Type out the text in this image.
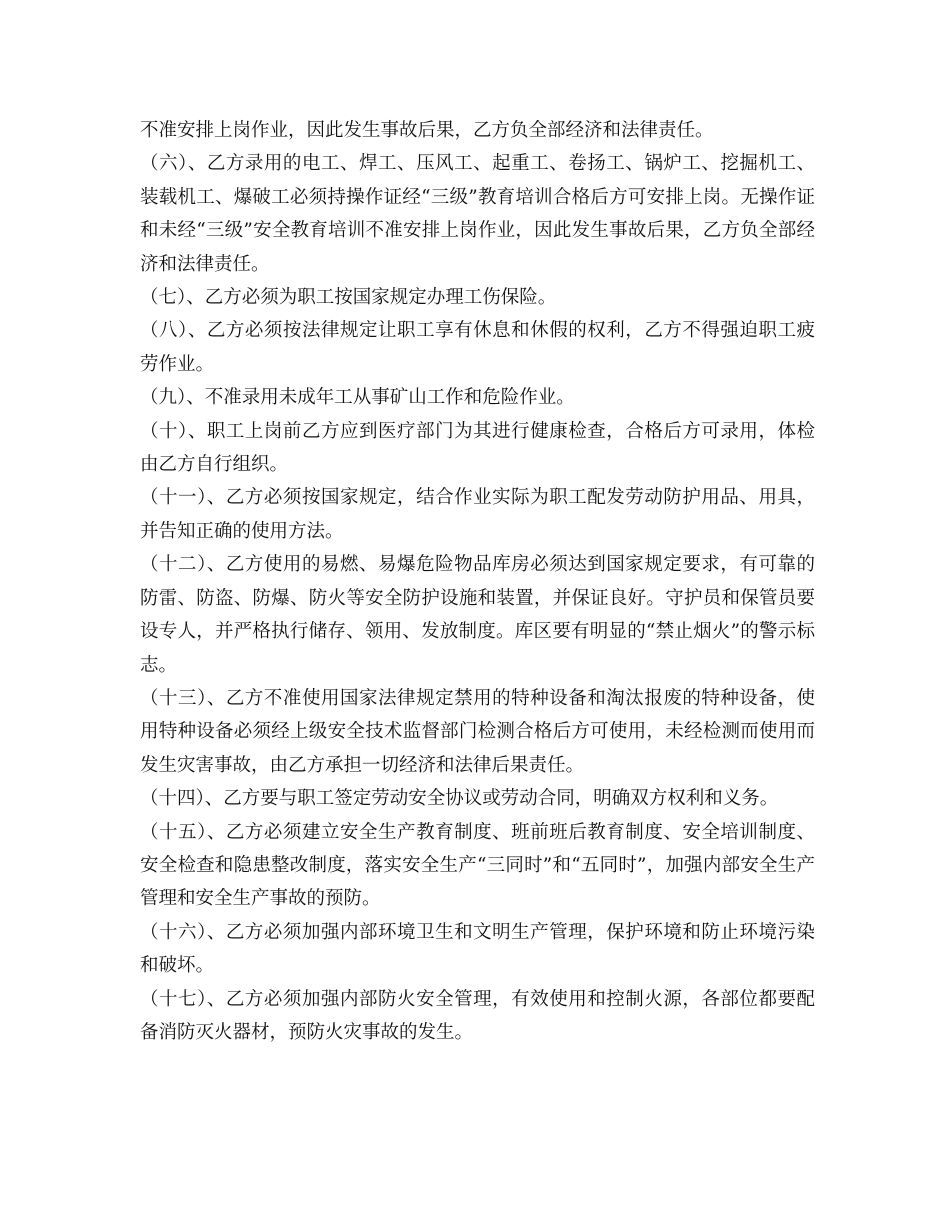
不准安排上岗作业，因此发生事故后果，乙方负全部经济和法律责任。

（六）、乙方录用的电工、焊工、压风工、起重工、卷扬工、锅炉工、挖掘机工、装载机工、爆破工必须持操作证经“三级”教育培训合格后方可安排上岗。无操作证和未经“三级”安全教育培训不准安排上岗作业，因此发生事故后果，乙方负全部经济和法律责任。

（七）、乙方必须为职工按国家规定办理工伤保险。

（八）、乙方必须按法律规定让职工享有休息和休假的权利，乙方不得强迫职工疲劳作业。

（九）、不准录用未成年工从事矿山工作和危险作业。

（十）、职工上岗前乙方应到医疗部门为其进行健康检查，合格后方可录用，体检由乙方自行组织。

（十一）、乙方必须按国家规定，结合作业实际为职工配发劳动防护用品、用具，并告知正确的使用方法。

（十二）、乙方使用的易燃、易爆危险物品库房必须达到国家规定要求，有可靠的防雷、防盗、防爆、防火等安全防护设施和装置，并保证良好。守护员和保管员要设专人，并严格执行储存、领用、发放制度。库区要有明显的“禁止烟火”的警示标志。

（十三）、乙方不准使用国家法律规定禁用的特种设备和淘汰报废的特种设备，使用特种设备必须经上级安全技术监督部门检测合格后方可使用，未经检测而使用而发生灾害事故，由乙方承担一切经济和法律后果责任。

（十四）、乙方要与职工签定劳动安全协议或劳动合同，明确双方权利和义务。

（十五）、乙方必须建立安全生产教育制度、班前班后教育制度、安全培训制度、安全检查和隐患整改制度，落实安全生产“三同时”和“五同时”，加强内部安全生产管理和安全生产事故的预防。

（十六）、乙方必须加强内部环境卫生和文明生产管理，保护环境和防止环境污染和破坏。

（十七）、乙方必须加强内部防火安全管理，有效使用和控制火源，各部位都要配备消防灭火器材，预防火灾事故的发生。
